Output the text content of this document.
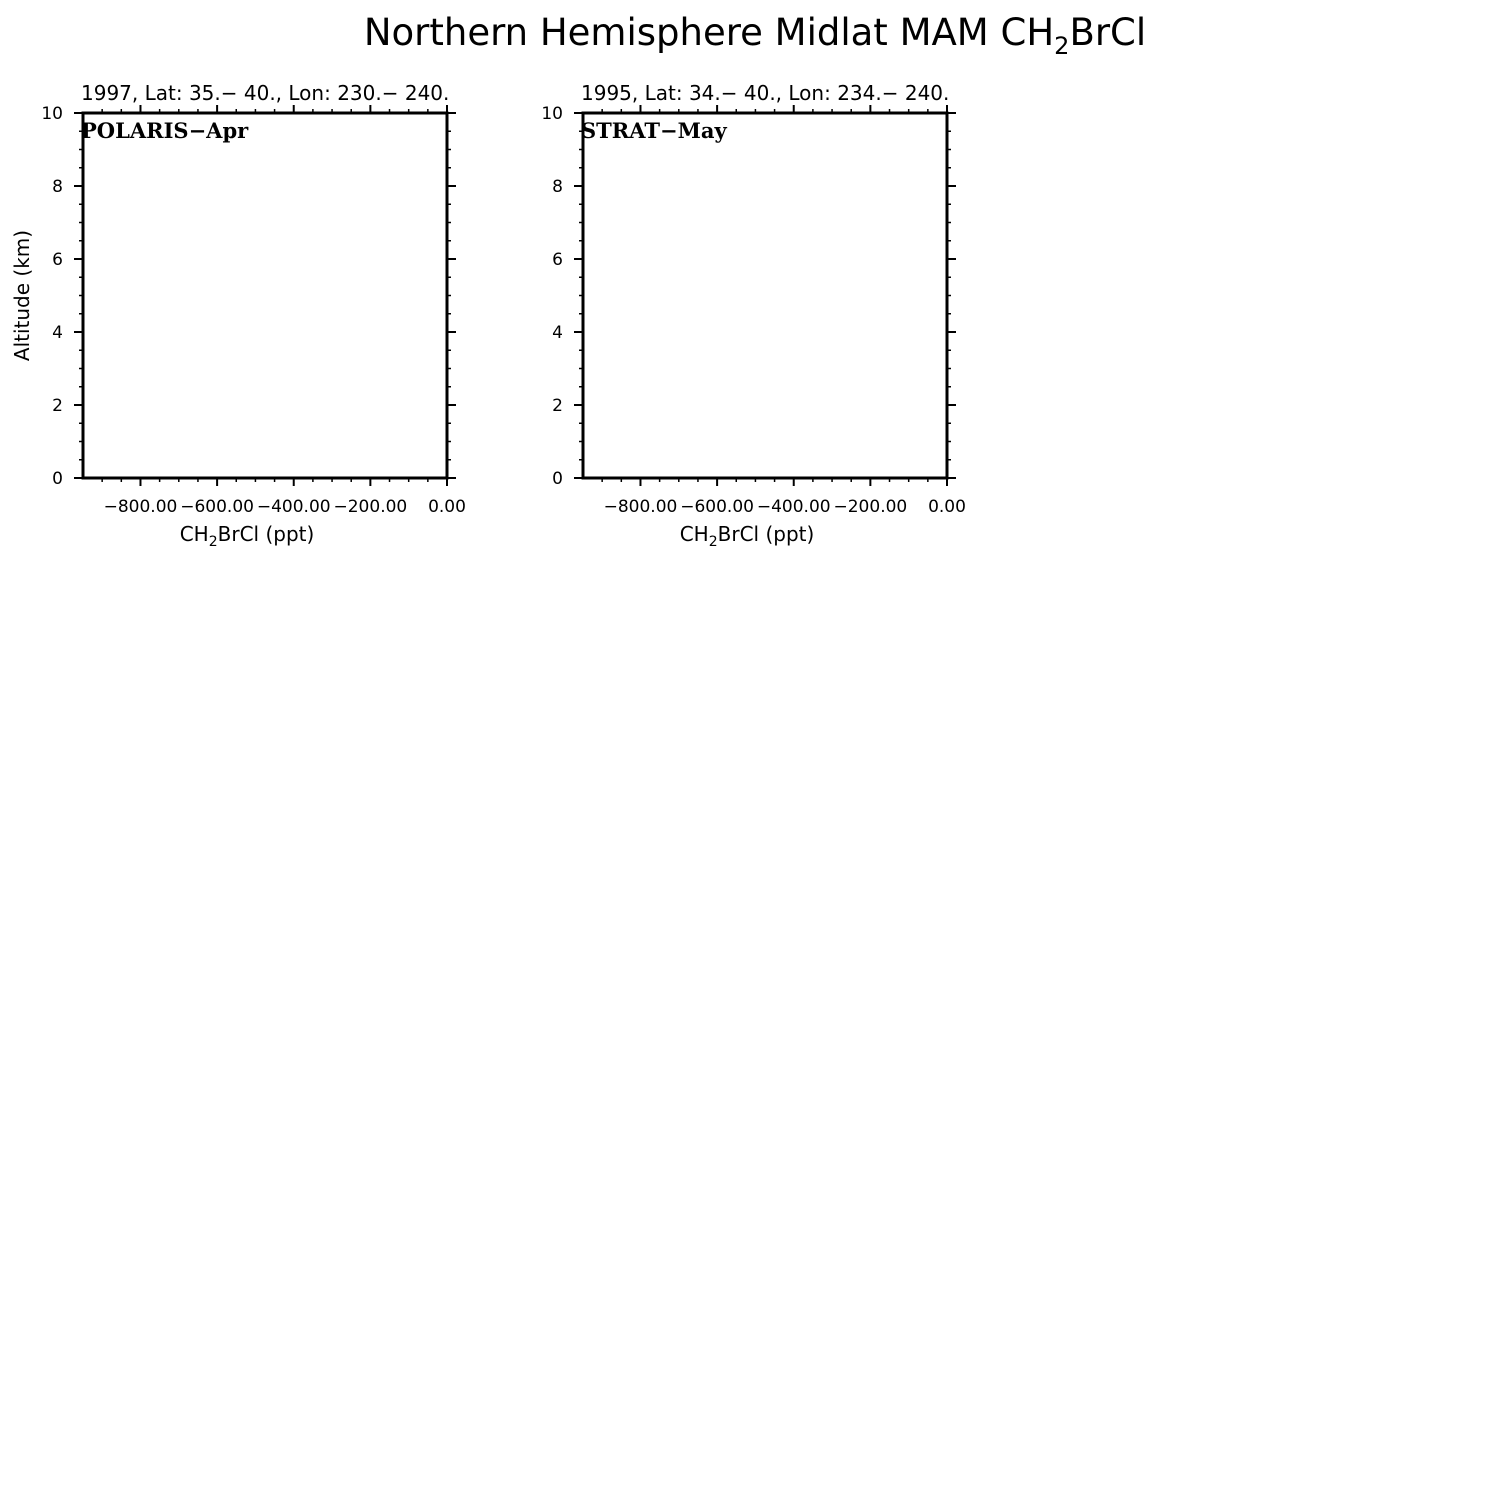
Northern Hemisphere Midlat MAM $CH_2BrCl$
1997, Lat: 35.− 40., Lon: 230.− 240.
POLARIS−Apr
−800.00 −600.00 −400.00 −200.00 0.00
0
2
4
6
8
10
$CH_2BrCl$ (ppt)
Altitude (km)
1995, Lat: 34.− 40., Lon: 234.− 240.
STRAT−May
−800.00 −600.00 −400.00 −200.00 0.00
0
2
4
6
8
10
$CH_2BrCl$ (ppt)
